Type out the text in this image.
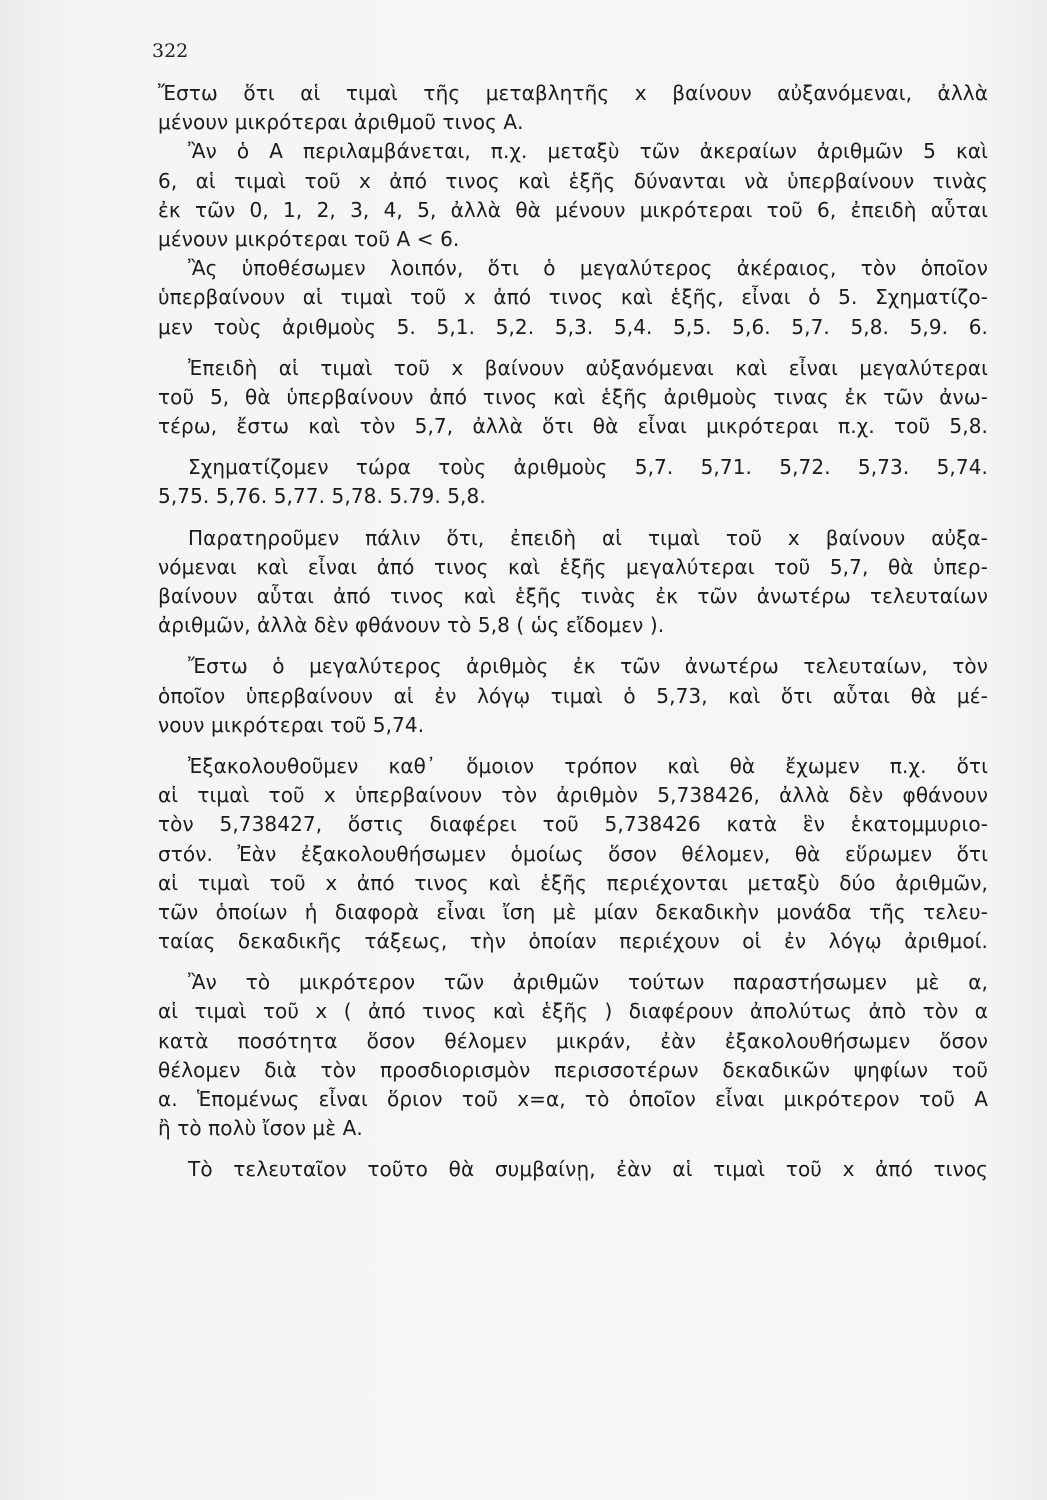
322
Ἔστω ὅτι αἱ τιμαὶ τῆς μεταβλητῆς x βαίνουν αὐξανόμεναι, ἀλλὰ
μένουν μικρότεραι ἀριθμοῦ τινος Α.
Ἂν ὁ Α περιλαμβάνεται, π.χ. μεταξὺ τῶν ἀκεραίων ἀριθμῶν 5 καὶ
6, αἱ τιμαὶ τοῦ x ἀπό τινος καὶ ἑξῆς δύνανται νὰ ὑπερβαίνουν τινὰς
ἐκ τῶν 0, 1, 2, 3, 4, 5, ἀλλὰ θὰ μένουν μικρότεραι τοῦ 6, ἐπειδὴ αὗται
μένουν μικρότεραι τοῦ Α < 6.
Ἂς ὑποθέσωμεν λοιπόν, ὅτι ὁ μεγαλύτερος ἀκέραιος, τὸν ὁποῖον
ὑπερβαίνουν αἱ τιμαὶ τοῦ x ἀπό τινος καὶ ἑξῆς, εἶναι ὁ 5. Σχηματίζο-
μεν τοὺς ἀριθμοὺς 5. 5,1. 5,2. 5,3. 5,4. 5,5. 5,6. 5,7. 5,8. 5,9. 6.
Ἐπειδὴ αἱ τιμαὶ τοῦ x βαίνουν αὐξανόμεναι καὶ εἶναι μεγαλύτεραι
τοῦ 5, θὰ ὑπερβαίνουν ἀπό τινος καὶ ἑξῆς ἀριθμοὺς τινας ἐκ τῶν ἀνω-
τέρω, ἔστω καὶ τὸν 5,7, ἀλλὰ ὅτι θὰ εἶναι μικρότεραι π.χ. τοῦ 5,8.
Σχηματίζομεν τώρα τοὺς ἀριθμοὺς 5,7. 5,71. 5,72. 5,73. 5,74.
5,75. 5,76. 5,77. 5,78. 5.79. 5,8.
Παρατηροῦμεν πάλιν ὅτι, ἐπειδὴ αἱ τιμαὶ τοῦ x βαίνουν αὐξα-
νόμεναι καὶ εἶναι ἀπό τινος καὶ ἑξῆς μεγαλύτεραι τοῦ 5,7, θὰ ὑπερ-
βαίνουν αὗται ἀπό τινος καὶ ἑξῆς τινὰς ἐκ τῶν ἀνωτέρω τελευταίων
ἀριθμῶν, ἀλλὰ δὲν φθάνουν τὸ 5,8 ( ὡς εἴδομεν ).
Ἔστω ὁ μεγαλύτερος ἀριθμὸς ἐκ τῶν ἀνωτέρω τελευταίων, τὸν
ὁποῖον ὑπερβαίνουν αἱ ἐν λόγῳ τιμαὶ ὁ 5,73, καὶ ὅτι αὗται θὰ μέ-
νουν μικρότεραι τοῦ 5,74.
Ἐξακολουθοῦμεν καθ᾿ ὅμοιον τρόπον καὶ θὰ ἔχωμεν π.χ. ὅτι
αἱ τιμαὶ τοῦ x ὑπερβαίνουν τὸν ἀριθμὸν 5,738426, ἀλλὰ δὲν φθάνουν
τὸν 5,738427, ὅστις διαφέρει τοῦ 5,738426 κατὰ ἓν ἑκατομμυριο-
στόν. Ἐὰν ἐξακολουθήσωμεν ὁμοίως ὅσον θέλομεν, θὰ εὕρωμεν ὅτι
αἱ τιμαὶ τοῦ x ἀπό τινος καὶ ἑξῆς περιέχονται μεταξὺ δύο ἀριθμῶν,
τῶν ὁποίων ἡ διαφορὰ εἶναι ἴση μὲ μίαν δεκαδικὴν μονάδα τῆς τελευ-
ταίας δεκαδικῆς τάξεως, τὴν ὁποίαν περιέχουν οἱ ἐν λόγῳ ἀριθμοί.
Ἂν τὸ μικρότερον τῶν ἀριθμῶν τούτων παραστήσωμεν μὲ α,
αἱ τιμαὶ τοῦ x ( ἀπό τινος καὶ ἑξῆς ) διαφέρουν ἀπολύτως ἀπὸ τὸν α
κατὰ ποσότητα ὅσον θέλομεν μικράν, ἐὰν ἐξακολουθήσωμεν ὅσον
θέλομεν διὰ τὸν προσδιορισμὸν περισσοτέρων δεκαδικῶν ψηφίων τοῦ
α. Ἑπομένως εἶναι ὅριον τοῦ x=α, τὸ ὁποῖον εἶναι μικρότερον τοῦ Α
ἢ τὸ πολὺ ἴσον μὲ Α.
Τὸ τελευταῖον τοῦτο θὰ συμβαίνῃ, ἐὰν αἱ τιμαὶ τοῦ x ἀπό τινος
